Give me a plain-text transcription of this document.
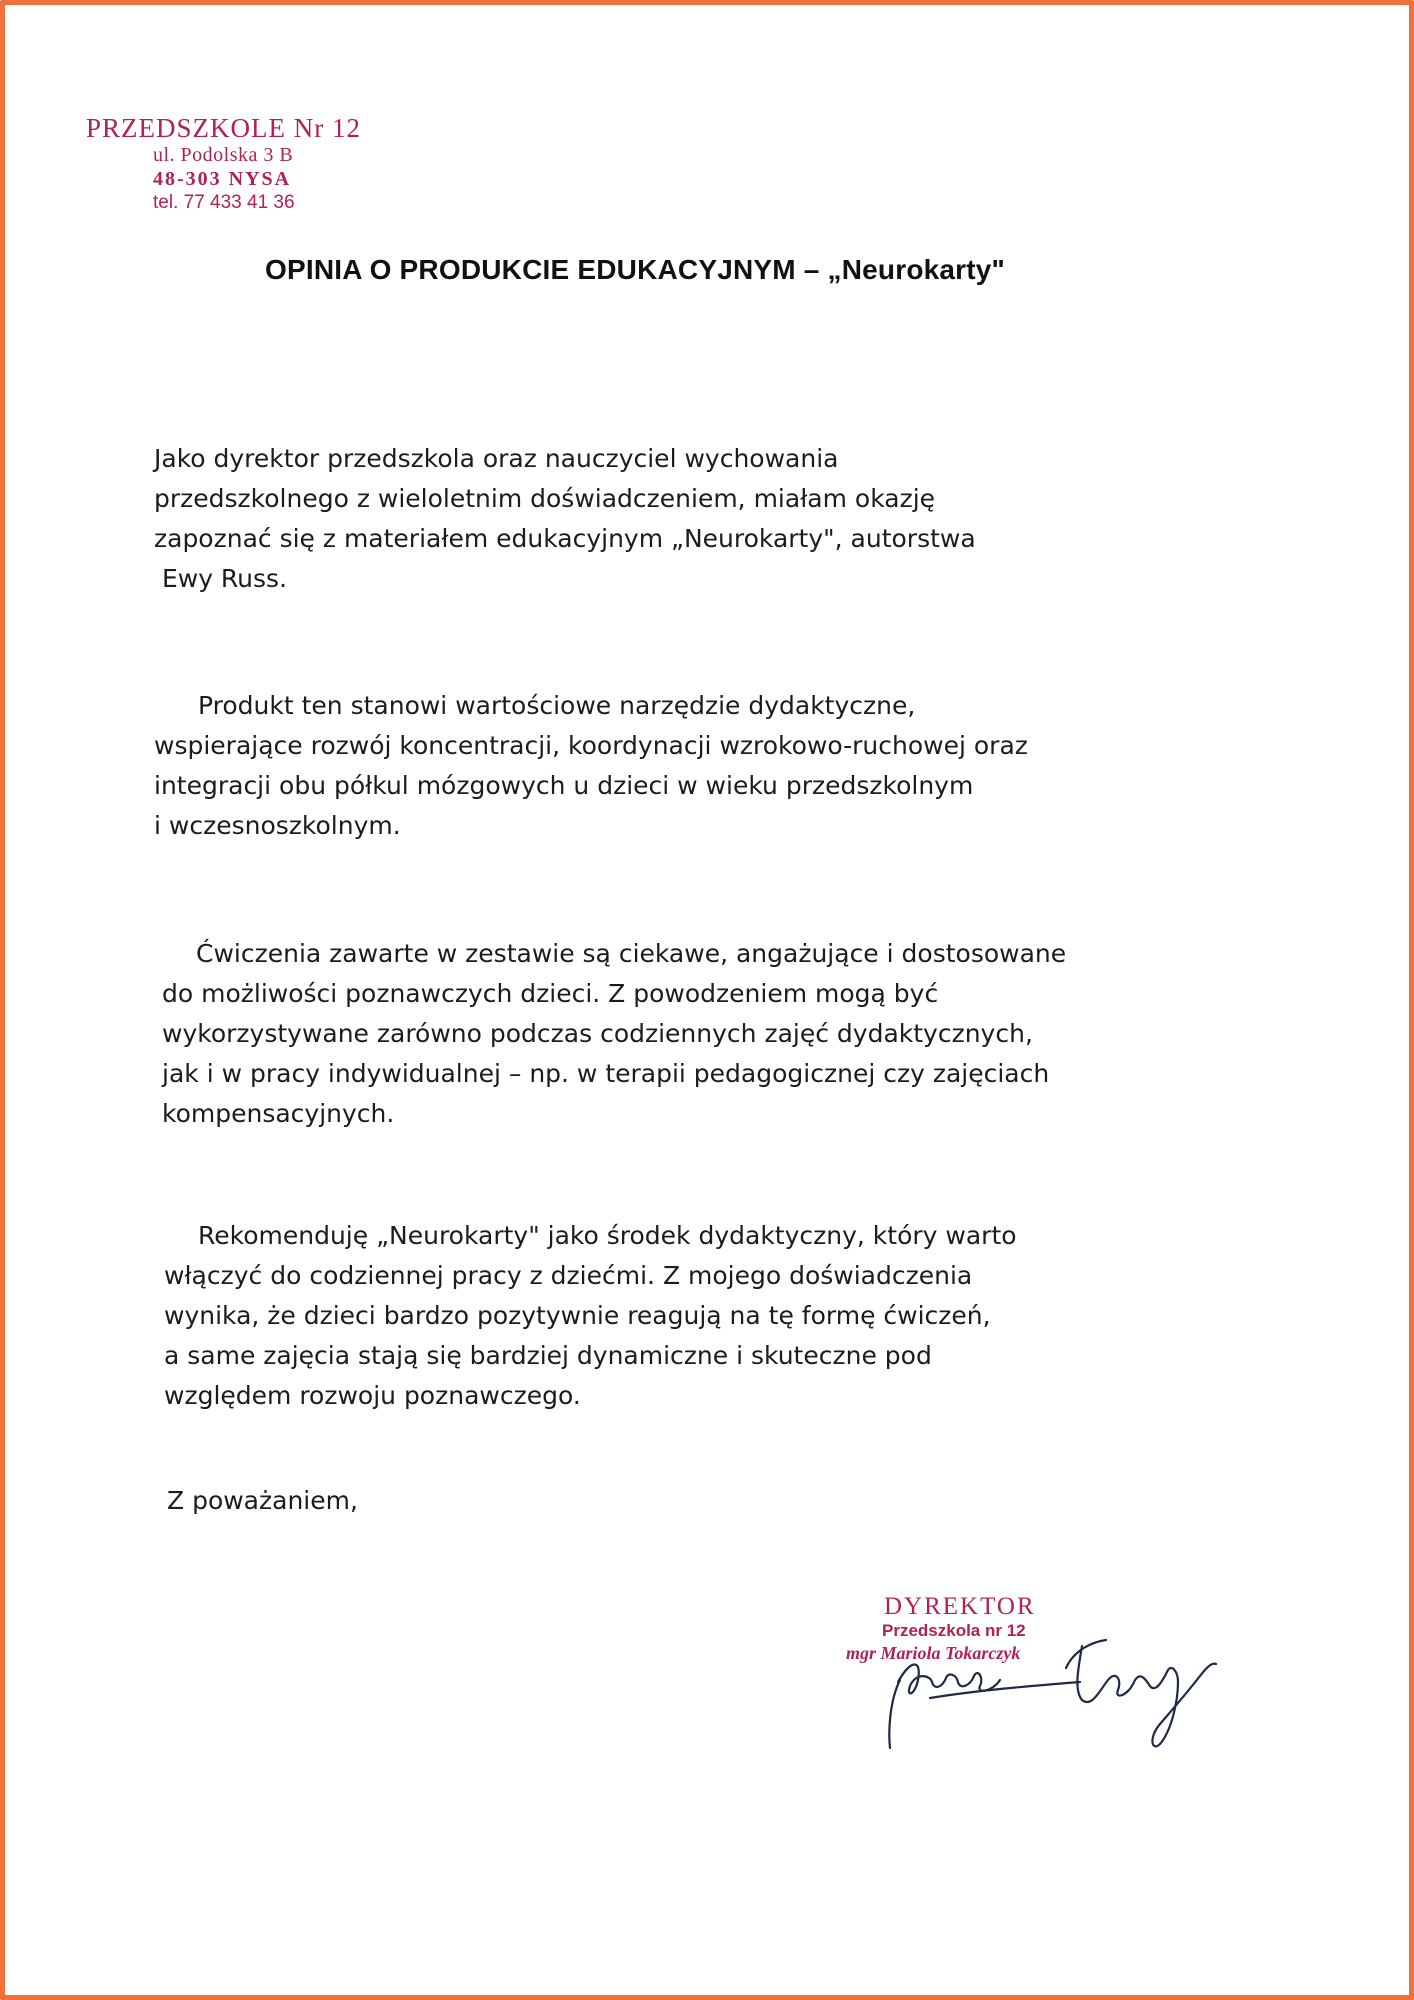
PRZEDSZKOLE Nr 12
ul. Podolska 3 B
48-303 NYSA
tel. 77 433 41 36
OPINIA O PRODUKCIE EDUKACYJNYM – „Neurokarty"
Jako dyrektor przedszkola oraz nauczyciel wychowania
przedszkolnego z wieloletnim doświadczeniem, miałam okazję
zapoznać się z materiałem edukacyjnym „Neurokarty", autorstwa
Ewy Russ.
Produkt ten stanowi wartościowe narzędzie dydaktyczne,
wspierające rozwój koncentracji, koordynacji wzrokowo-ruchowej oraz
integracji obu półkul mózgowych u dzieci w wieku przedszkolnym
i wczesnoszkolnym.
Ćwiczenia zawarte w zestawie są ciekawe, angażujące i dostosowane
do możliwości poznawczych dzieci. Z powodzeniem mogą być
wykorzystywane zarówno podczas codziennych zajęć dydaktycznych,
jak i w pracy indywidualnej – np. w terapii pedagogicznej czy zajęciach
kompensacyjnych.
Rekomenduję „Neurokarty" jako środek dydaktyczny, który warto
włączyć do codziennej pracy z dziećmi. Z mojego doświadczenia
wynika, że dzieci bardzo pozytywnie reagują na tę formę ćwiczeń,
a same zajęcia stają się bardziej dynamiczne i skuteczne pod
względem rozwoju poznawczego.
Z poważaniem,
DYREKTOR
Przedszkola nr 12
mgr Mariola Tokarczyk
